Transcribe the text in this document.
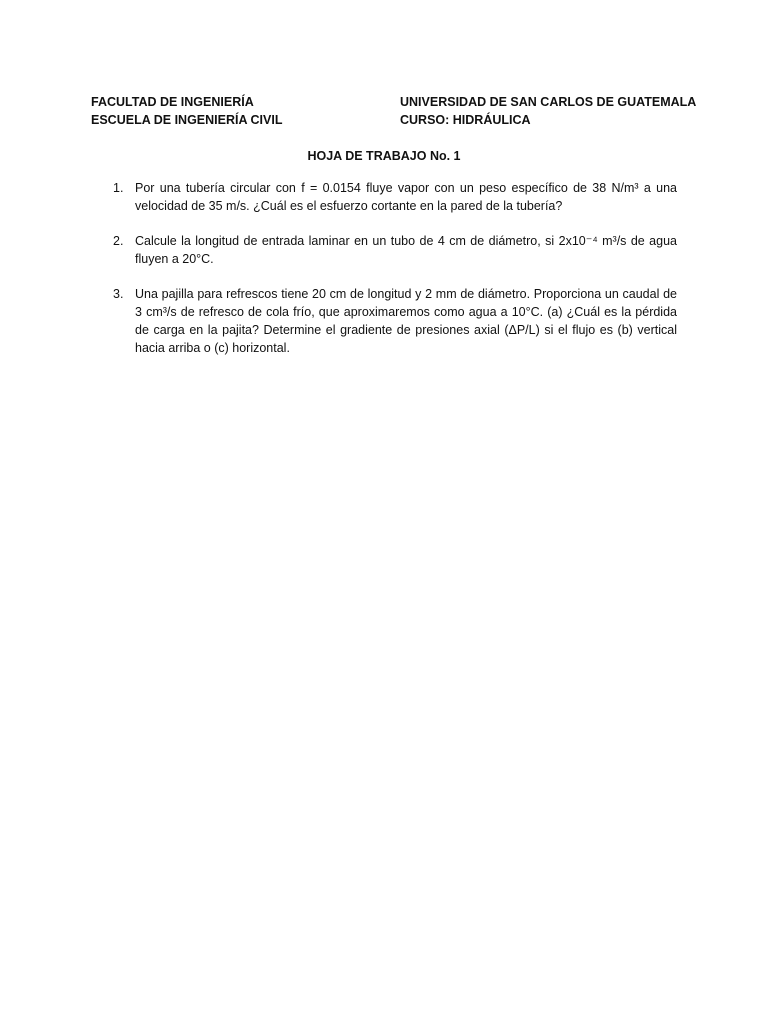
FACULTAD DE INGENIERÍA
ESCUELA DE INGENIERÍA CIVIL
UNIVERSIDAD DE SAN CARLOS DE GUATEMALA
CURSO: HIDRÁULICA
HOJA DE TRABAJO No. 1
1. Por una tubería circular con f = 0.0154 fluye vapor con un peso específico de 38 N/m³ a una velocidad de 35 m/s. ¿Cuál es el esfuerzo cortante en la pared de la tubería?
2. Calcule la longitud de entrada laminar en un tubo de 4 cm de diámetro, si 2x10⁻⁴ m³/s de agua fluyen a 20°C.
3. Una pajilla para refrescos tiene 20 cm de longitud y 2 mm de diámetro. Proporciona un caudal de 3 cm³/s de refresco de cola frío, que aproximaremos como agua a 10°C. (a) ¿Cuál es la pérdida de carga en la pajita? Determine el gradiente de presiones axial (ΔP/L) si el flujo es (b) vertical hacia arriba o (c) horizontal.
